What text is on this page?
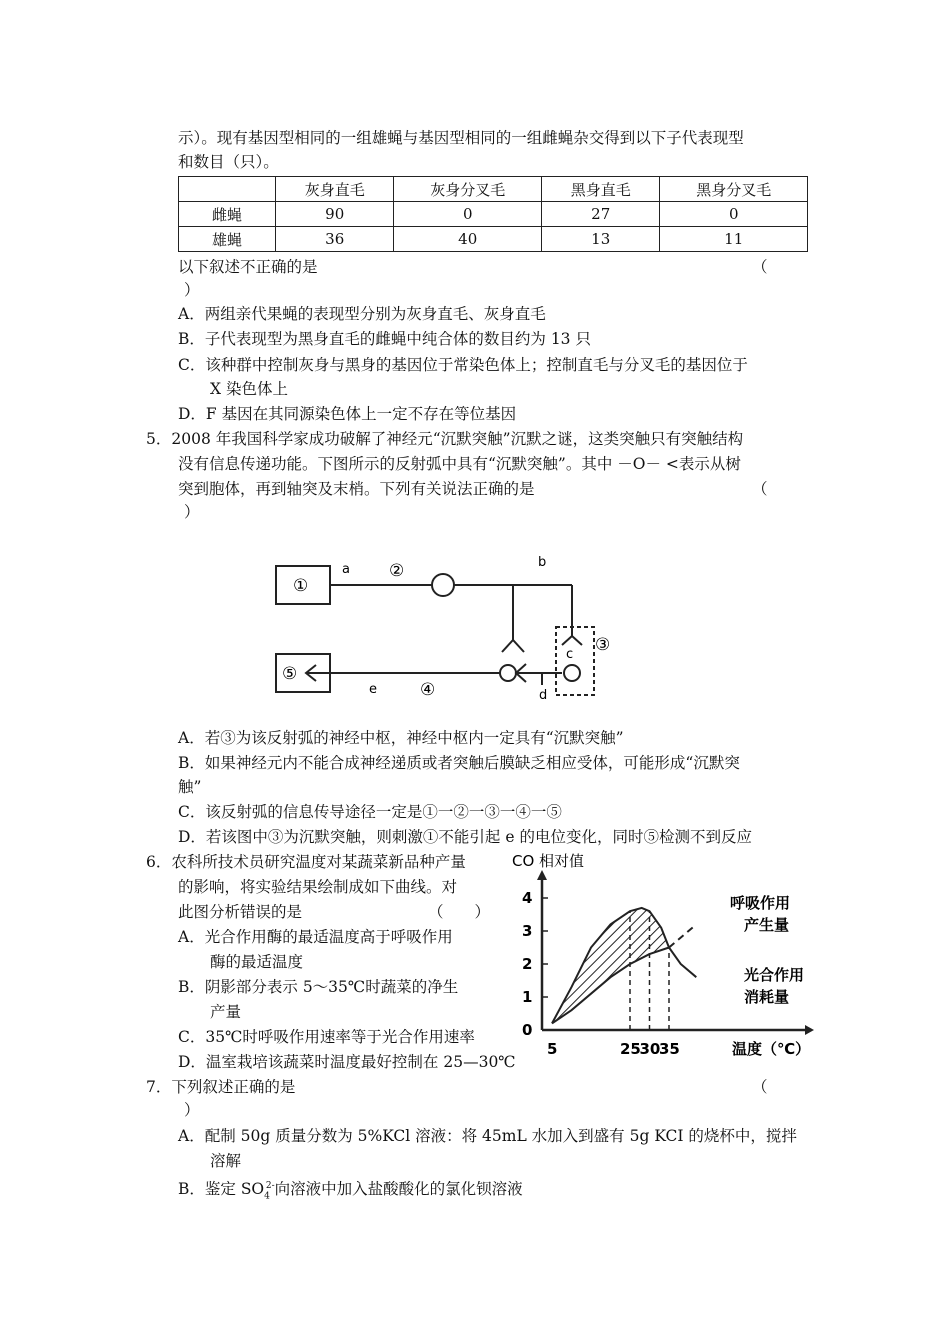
示）。现有基因型相同的一组雄蝇与基因型相同的一组雌蝇杂交得到以下子代表现型
和数目（只）。
	灰身直毛	灰身分叉毛	黑身直毛	黑身分叉毛
雌蝇	90	0	27	0
雄蝇	36	40	13	11
以下叙述不正确的是	（
）
A．两组亲代果蝇的表现型分别为灰身直毛、灰身直毛
B．子代表现型为黑身直毛的雌蝇中纯合体的数目约为 13 只
C．该种群中控制灰身与黑身的基因位于常染色体上；控制直毛与分叉毛的基因位于
X 染色体上
D．F 基因在其同源染色体上一定不存在等位基因
5．2008 年我国科学家成功破解了神经元“沉默突触”沉默之谜，这类突触只有突触结构
没有信息传递功能。下图所示的反射弧中具有“沉默突触”。其中 －O－ <表示从树
突到胞体，再到轴突及末梢。下列有关说法正确的是	（
）
①
a ②	b
③
c
⑤
e	④	d
A．若③为该反射弧的神经中枢，神经中枢内一定具有“沉默突触”
B．如果神经元内不能合成神经递质或者突触后膜缺乏相应受体，可能形成“沉默突
触”
C．该反射弧的信息传导途径一定是①一②一③一④一⑤
D．若该图中③为沉默突触，则刺激①不能引起 e 的电位变化，同时⑤检测不到反应
6．农科所技术员研究温度对某蔬菜新品种产量
的影响，将实验结果绘制成如下曲线。对
此图分析错误的是	（　　）
A．光合作用酶的最适温度高于呼吸作用
酶的最适温度
B．阴影部分表示 5～35℃时蔬菜的净生
产量
C．35℃时呼吸作用速率等于光合作用速率
D．温室栽培该蔬菜时温度最好控制在 25—30℃
CO 相对值
0
1
2
3
4
5	25
30
35
呼吸作用
产生量
光合作用
消耗量
温度（℃）
7．下列叙述正确的是	（
）
A．配制 50g 质量分数为 5%KCl 溶液：将 45mL 水加入到盛有 5g KCI 的烧杯中，搅拌
溶解
B．鉴定 $SO_4^{2-}$向溶液中加入盐酸酸化的氯化钡溶液
